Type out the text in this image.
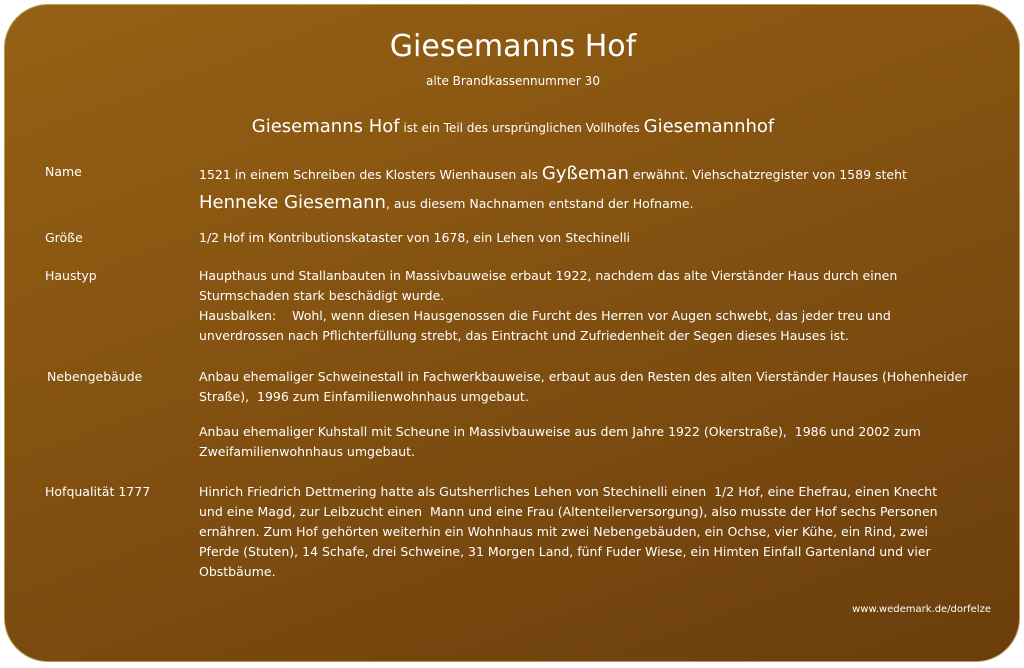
Giesemanns Hof
alte Brandkassennummer 30
Giesemanns Hof ist ein Teil des ursprünglichen Vollhofes Giesemannhof
Name	1521 in einem Schreiben des Klosters Wienhausen als Gyßeman erwähnt. Viehschatzregister von 1589 steht
Henneke Giesemann, aus diesem Nachnamen entstand der Hofname.
Größe	1/2 Hof im Kontributionskataster von 1678, ein Lehen von Stechinelli
Haustyp	Haupthaus und Stallanbauten in Massivbauweise erbaut 1922, nachdem das alte Vierständer Haus durch einen
Sturmschaden stark beschädigt wurde.
Hausbalken:    Wohl, wenn diesen Hausgenossen die Furcht des Herren vor Augen schwebt, das jeder treu und
unverdrossen nach Pflichterfüllung strebt, das Eintracht und Zufriedenheit der Segen dieses Hauses ist.
Nebengebäude	Anbau ehemaliger Schweinestall in Fachwerkbauweise, erbaut aus den Resten des alten Vierständer Hauses (Hohenheider
Straße),  1996 zum Einfamilienwohnhaus umgebaut.
Anbau ehemaliger Kuhstall mit Scheune in Massivbauweise aus dem Jahre 1922 (Okerstraße),  1986 und 2002 zum
Zweifamilienwohnhaus umgebaut.
Hofqualität 1777	Hinrich Friedrich Dettmering hatte als Gutsherrliches Lehen von Stechinelli einen  1/2 Hof, eine Ehefrau, einen Knecht
und eine Magd, zur Leibzucht einen  Mann und eine Frau (Altenteilerversorgung), also musste der Hof sechs Personen
ernähren. Zum Hof gehörten weiterhin ein Wohnhaus mit zwei Nebengebäuden, ein Ochse, vier Kühe, ein Rind, zwei
Pferde (Stuten), 14 Schafe, drei Schweine, 31 Morgen Land, fünf Fuder Wiese, ein Himten Einfall Gartenland und vier
Obstbäume.
www.wedemark.de/dorfelze
